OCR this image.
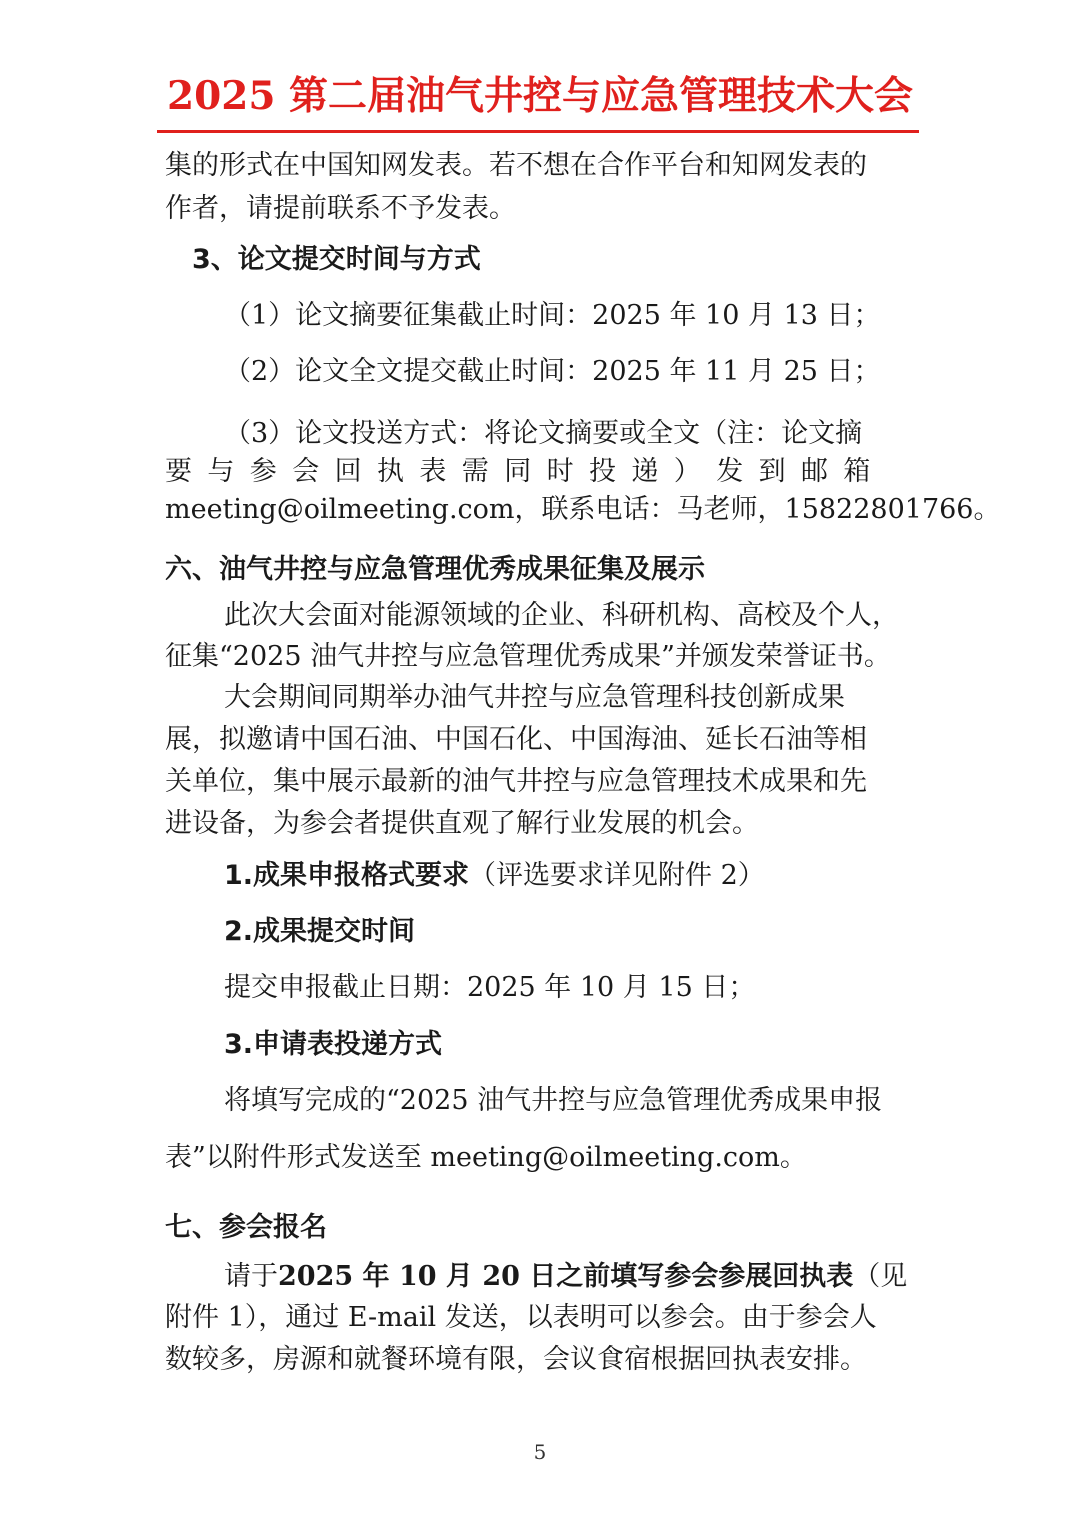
2025 第二届油气井控与应急管理技术大会
集的形式在中国知网发表。若不想在合作平台和知网发表的
作者，请提前联系不予发表。
3、论文提交时间与方式
（1）论文摘要征集截止时间：2025 年 10 月 13 日；
（2）论文全文提交截止时间：2025 年 11 月 25 日；
（3）论文投送方式：将论文摘要或全文（注：论文摘
要与参会回执表需同时投递）发到邮箱
meeting@oilmeeting.com，联系电话：马老师，15822801766。
六、油气井控与应急管理优秀成果征集及展示
此次大会面对能源领域的企业、科研机构、高校及个人，
征集“2025 油气井控与应急管理优秀成果”并颁发荣誉证书。
大会期间同期举办油气井控与应急管理科技创新成果
展，拟邀请中国石油、中国石化、中国海油、延长石油等相
关单位，集中展示最新的油气井控与应急管理技术成果和先
进设备，为参会者提供直观了解行业发展的机会。
1.成果申报格式要求（评选要求详见附件 2）
2.成果提交时间
提交申报截止日期：2025 年 10 月 15 日；
3.申请表投递方式
将填写完成的“2025 油气井控与应急管理优秀成果申报
表”以附件形式发送至 meeting@oilmeeting.com。
七、参会报名
请于2025 年 10 月 20 日之前填写参会参展回执表（见
附件 1），通过 E-mail 发送，以表明可以参会。由于参会人
数较多，房源和就餐环境有限，会议食宿根据回执表安排。
5
